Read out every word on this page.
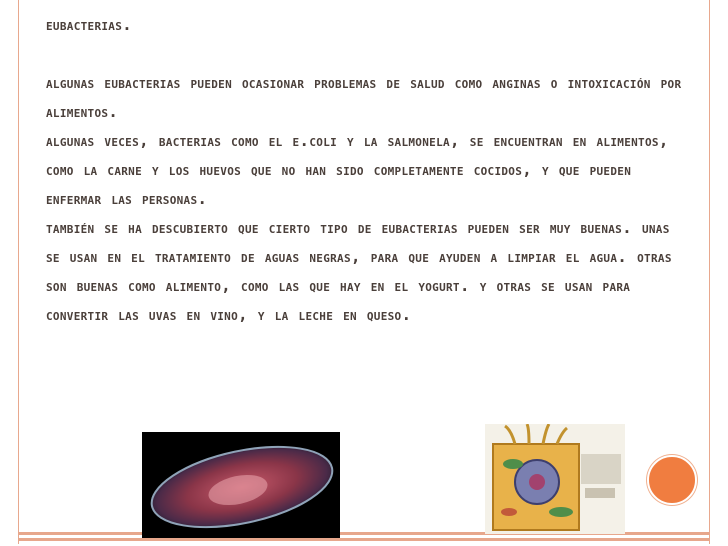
eubacterias.

algunas eubacterias pueden ocasionar problemas de salud como anginas o intoxicación por alimentos.

algunas veces, bacterias como el e.coli y la salmonela, se encuentran en alimentos, como la carne y los huevos que no han sido completamente cocidos, y que pueden enfermar las personas.

también se ha descubierto que cierto tipo de eubacterias pueden ser muy buenas. unas se usan en el tratamiento de aguas negras, para que ayuden a limpiar el agua. otras son buenas como alimento, como las que hay en el yogurt. y otras se usan para convertir las uvas en vino, y la leche en queso.
